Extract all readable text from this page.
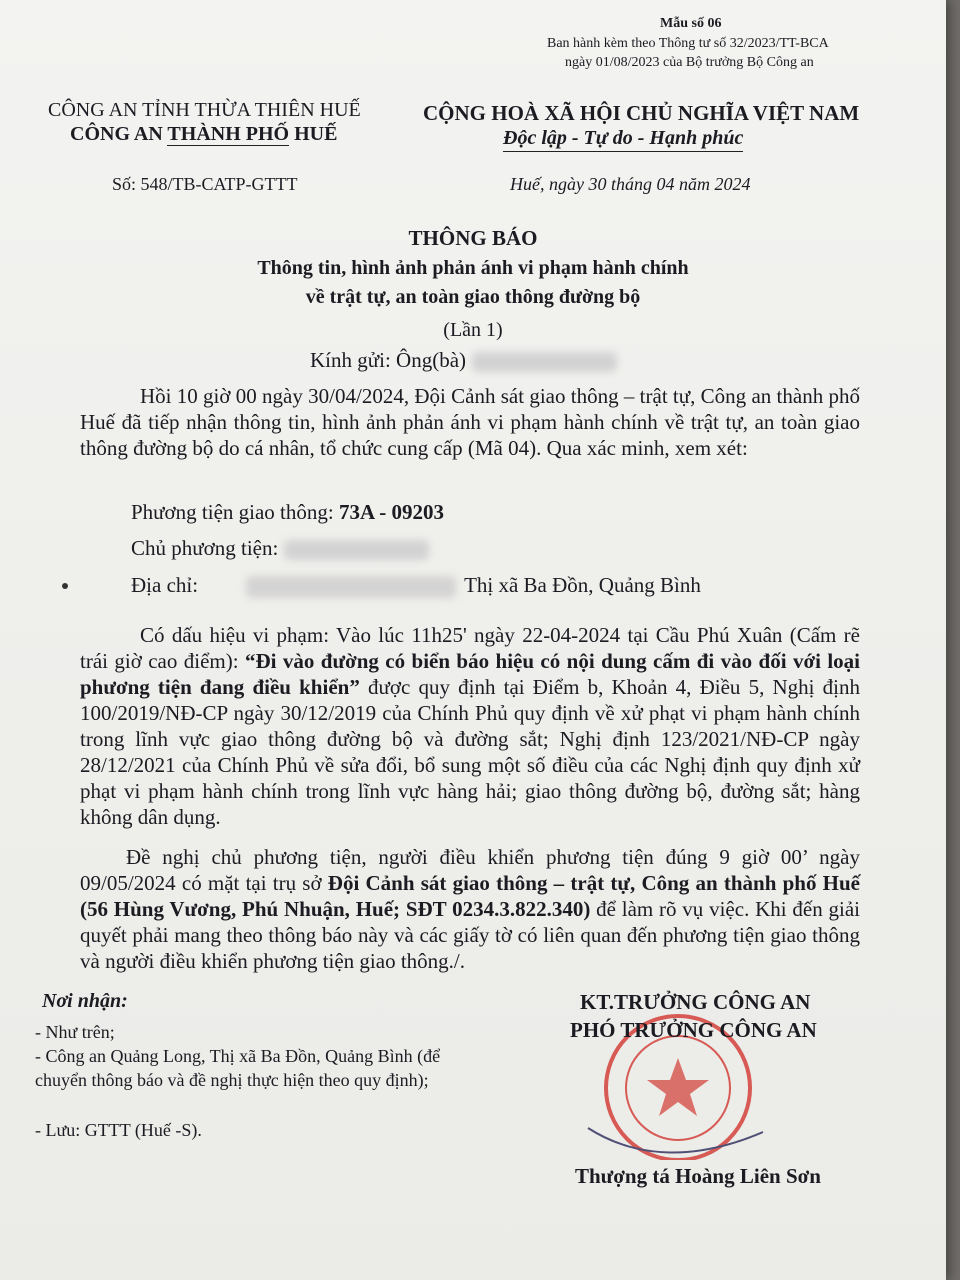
Mẫu số 06
Ban hành kèm theo Thông tư số 32/2023/TT-BCA
ngày 01/08/2023 của Bộ trưởng Bộ Công an
CÔNG AN TỈNH THỪA THIÊN HUẾ
CÔNG AN THÀNH PHỐ HUẾ
CỘNG HOÀ XÃ HỘI CHỦ NGHĨA VIỆT NAM
Độc lập - Tự do - Hạnh phúc
Số: 548/TB-CATP-GTTT	Huế, ngày 30 tháng 04 năm 2024
THÔNG BÁO
Thông tin, hình ảnh phản ánh vi phạm hành chính
về trật tự, an toàn giao thông đường bộ
(Lần 1)
Kính gửi: Ông(bà)
Hồi 10 giờ 00 ngày 30/04/2024, Đội Cảnh sát giao thông – trật tự, Công an thành phố Huế đã tiếp nhận thông tin, hình ảnh phản ánh vi phạm hành chính về trật tự, an toàn giao thông đường bộ do cá nhân, tổ chức cung cấp (Mã 04). Qua xác minh, xem xét:
Phương tiện giao thông: 73A - 09203
Chủ phương tiện:
Địa chỉ:	Thị xã Ba Đồn, Quảng Bình
Có dấu hiệu vi phạm: Vào lúc 11h25' ngày 22-04-2024 tại Cầu Phú Xuân (Cấm rẽ trái giờ cao điểm): “Đi vào đường có biển báo hiệu có nội dung cấm đi vào đối với loại phương tiện đang điều khiển” được quy định tại Điểm b, Khoản 4, Điều 5, Nghị định 100/2019/NĐ-CP ngày 30/12/2019 của Chính Phủ quy định về xử phạt vi phạm hành chính trong lĩnh vực giao thông đường bộ và đường sắt; Nghị định 123/2021/NĐ-CP ngày 28/12/2021 của Chính Phủ về sửa đổi, bổ sung một số điều của các Nghị định quy định xử phạt vi phạm hành chính trong lĩnh vực hàng hải; giao thông đường bộ, đường sắt; hàng không dân dụng.
Đề nghị chủ phương tiện, người điều khiển phương tiện đúng 9 giờ 00’ ngày 09/05/2024 có mặt tại trụ sở Đội Cảnh sát giao thông – trật tự, Công an thành phố Huế (56 Hùng Vương, Phú Nhuận, Huế; SĐT 0234.3.822.340) để làm rõ vụ việc. Khi đến giải quyết phải mang theo thông báo này và các giấy tờ có liên quan đến phương tiện giao thông và người điều khiển phương tiện giao thông./.
Nơi nhận:
- Như trên;
- Công an Quảng Long, Thị xã Ba Đồn, Quảng Bình (để chuyển thông báo và đề nghị thực hiện theo quy định);
- Lưu: GTTT (Huế -S).
KT.TRƯỞNG CÔNG AN
PHÓ TRƯỞNG CÔNG AN
Thượng tá Hoàng Liên Sơn
